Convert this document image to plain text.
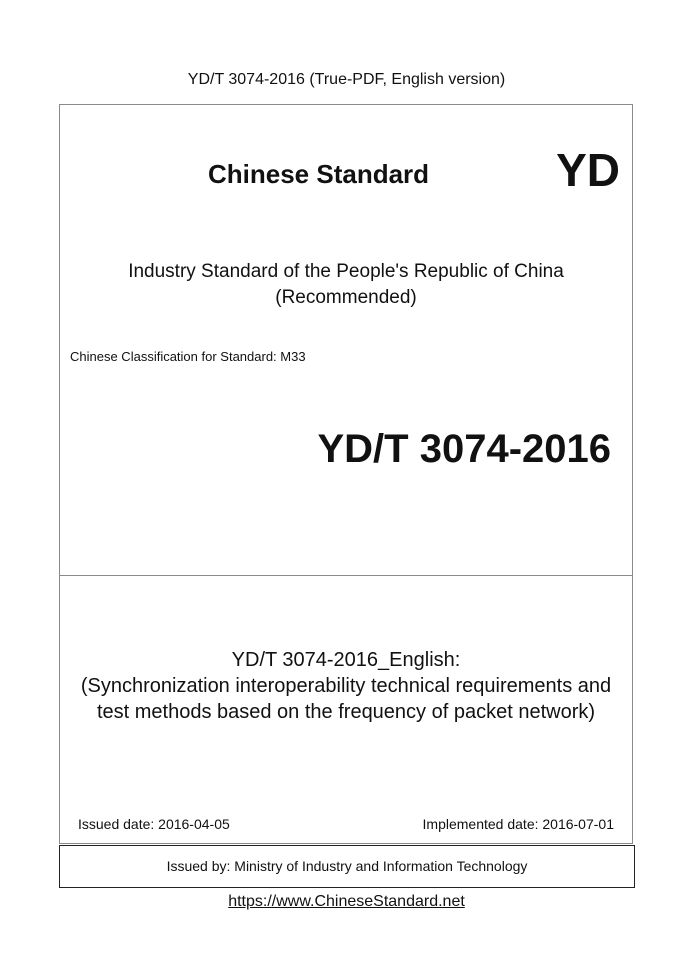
YD/T 3074-2016 (True-PDF, English version)
Chinese Standard	YD
Industry Standard of the People's Republic of China
(Recommended)
Chinese Classification for Standard: M33
YD/T 3074-2016
YD/T 3074-2016_English:
(Synchronization interoperability technical requirements and
test methods based on the frequency of packet network)
Issued date: 2016-04-05	Implemented date: 2016-07-01
Issued by: Ministry of Industry and Information Technology
https://www.ChineseStandard.net
